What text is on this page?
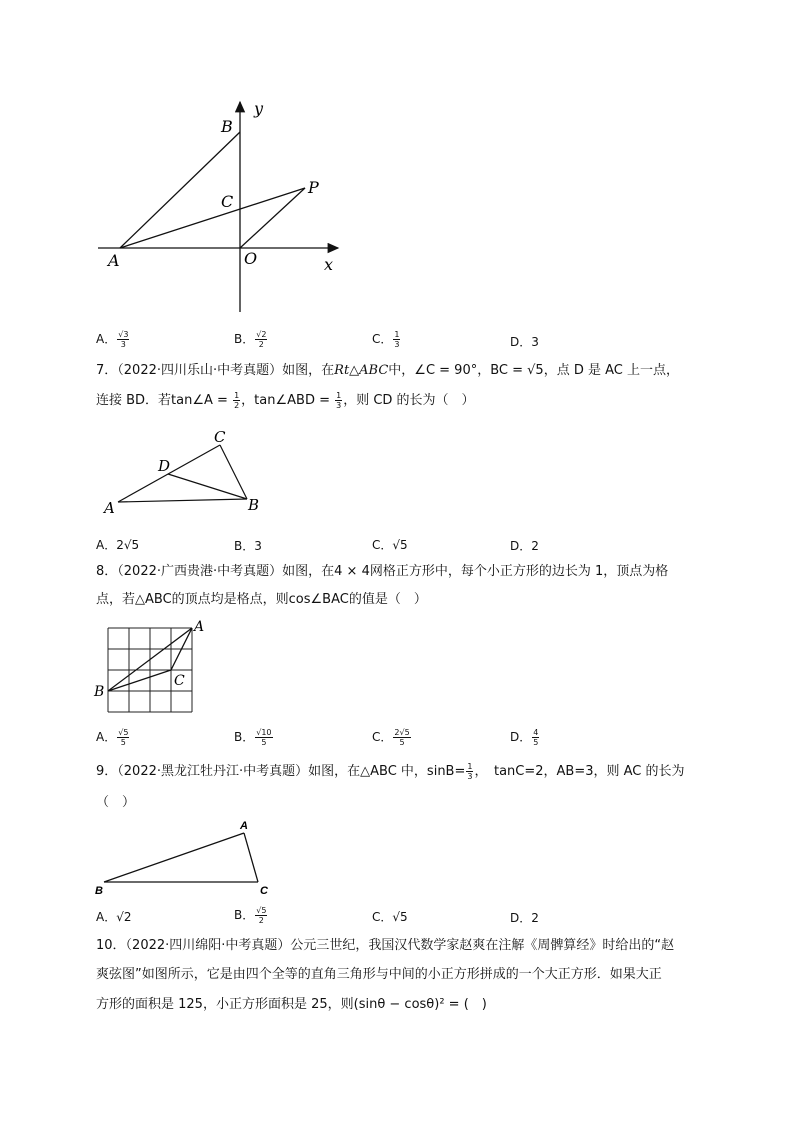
y
B
C
P
A	O	x
A． $\frac{√3}{3}$	B． $\frac{√2}{2}$	C． $\frac{1}{3}$	D．3
7．（2022·四川乐山·中考真题）如图，在Rt△ABC中，∠C = 90°，BC = √5，点 D 是 AC 上一点，
连接 BD．若tan∠A = $\frac{1}{2}$ ，tan∠ABD = $\frac{1}{3}$ ，则 CD 的长为（　）
C
D
A	B
A．2√5	B．3	C．√5	D．2
8．（2022·广西贵港·中考真题）如图，在4 × 4网格正方形中，每个小正方形的边长为 1，顶点为格
点，若△ABC的顶点均是格点，则cos∠BAC的值是（　）
A
B
C
A． $\frac{√5}{5}$	B． $\frac{√10}{5}$	C． $\frac{2√5}{5}$	D． $\frac{4}{5}$
9．（2022·黑龙江牡丹江·中考真题）如图，在△ABC 中，$\sin B= \frac{1}{3}$ ，　tanC=2，AB=3，则 AC 的长为
（　）
A
B	C
A．√2	B． $\frac{√5}{2}$	C．√5	D．2
10．（2022·四川绵阳·中考真题）公元三世纪，我国汉代数学家赵爽在注解《周髀算经》时给出的“赵
爽弦图”如图所示，它是由四个全等的直角三角形与中间的小正方形拼成的一个大正方形．如果大正
方形的面积是 125，小正方形面积是 25，则(sinθ − cosθ)² = (　)
